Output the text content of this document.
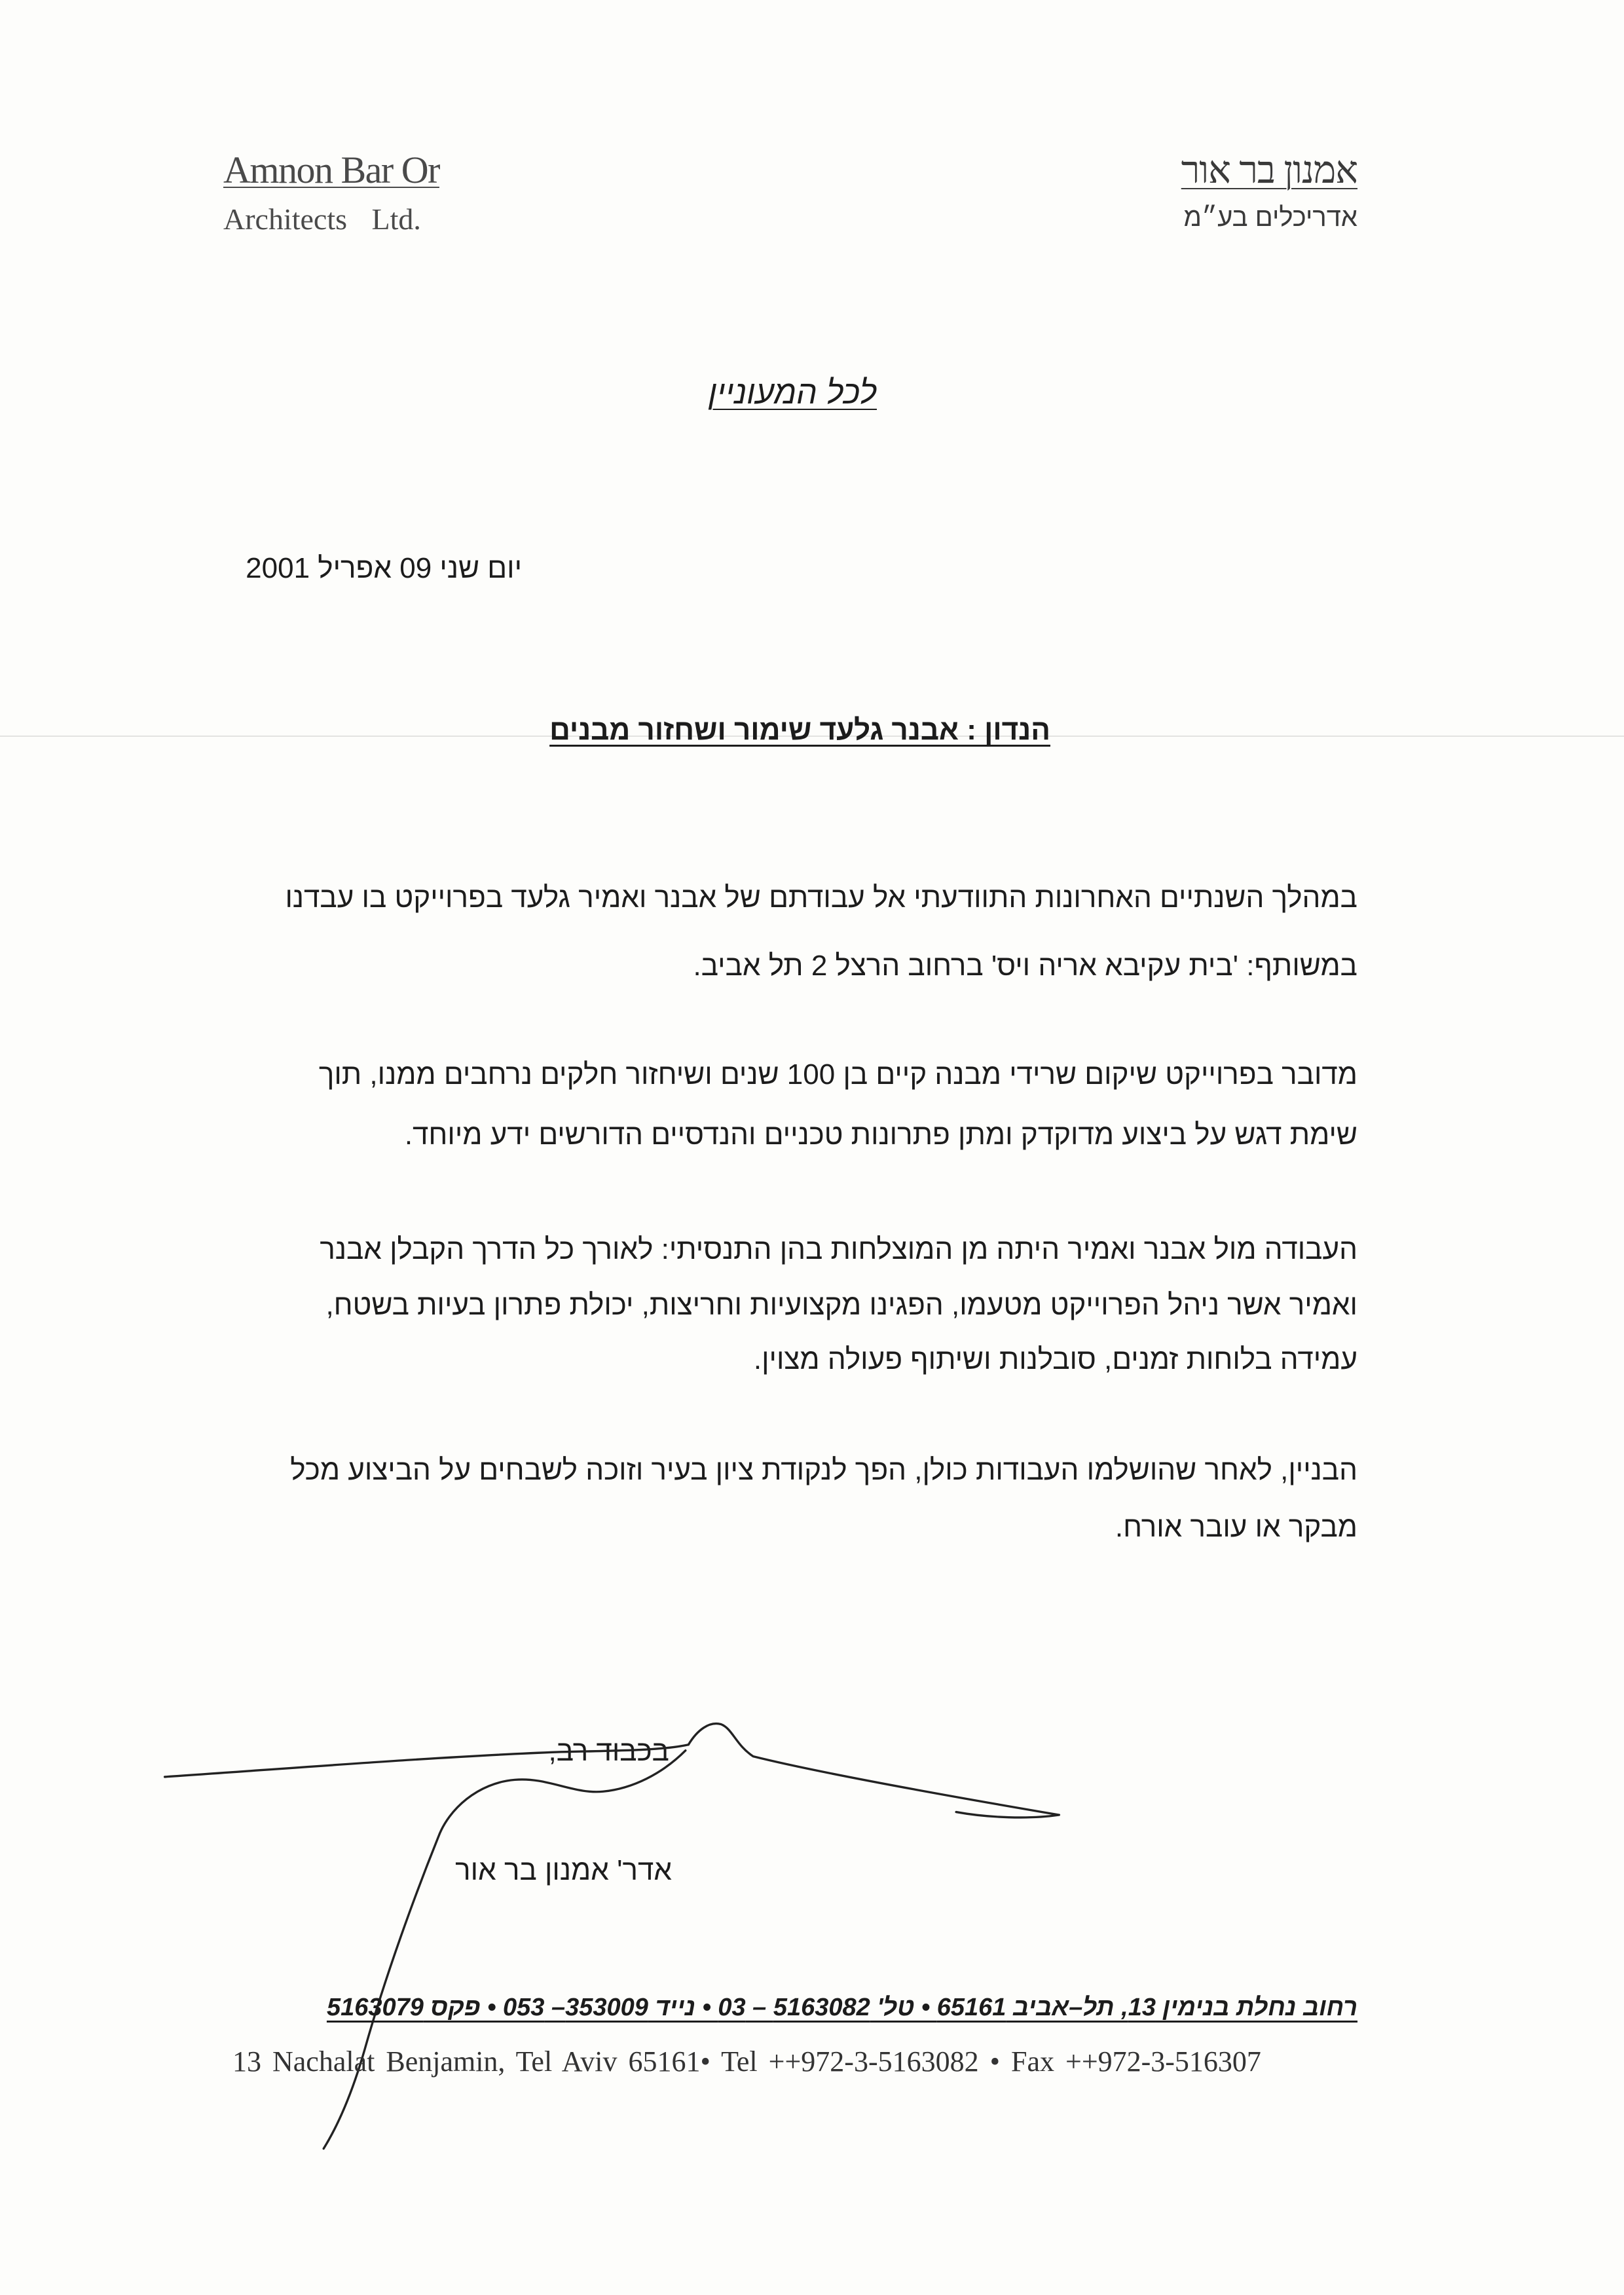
Amnon Bar Or
Architects Ltd.
אמנון בר אור
אדריכלים בע״מ
לכל המעוניין
יום שני 09 אפריל 2001
הנדון : אבנר גלעד שימור ושחזור מבנים
במהלך השנתיים האחרונות התוודעתי אל עבודתם של אבנר ואמיר גלעד בפרוייקט בו עבדנו
במשותף: 'בית עקיבא אריה ויס' ברחוב הרצל 2 תל אביב.
מדובר בפרוייקט שיקום שרידי מבנה קיים בן 100 שנים ושיחזור חלקים נרחבים ממנו, תוך
שימת דגש על ביצוע מדוקדק ומתן פתרונות טכניים והנדסיים הדורשים ידע מיוחד.
העבודה מול אבנר ואמיר היתה מן המוצלחות בהן התנסיתי: לאורך כל הדרך הקבלן אבנר
ואמיר אשר ניהל הפרוייקט מטעמו, הפגינו מקצועיות וחריצות, יכולת פתרון בעיות בשטח,
עמידה בלוחות זמנים, סובלנות ושיתוף פעולה מצוין.
הבניין, לאחר שהושלמו העבודות כולן, הפך לנקודת ציון בעיר וזוכה לשבחים על הביצוע מכל
מבקר או עובר אורח.
בכבוד רב,
אדר' אמנון בר אור
רחוב נחלת בנימין 13, תל–אביב 65161 • טל' 5163082 – 03 • נייד 353009– 053 • פקס 5163079
13 Nachalat Benjamin, Tel Aviv 65161• Tel ++972-3-5163082 • Fax ++972-3-516307
